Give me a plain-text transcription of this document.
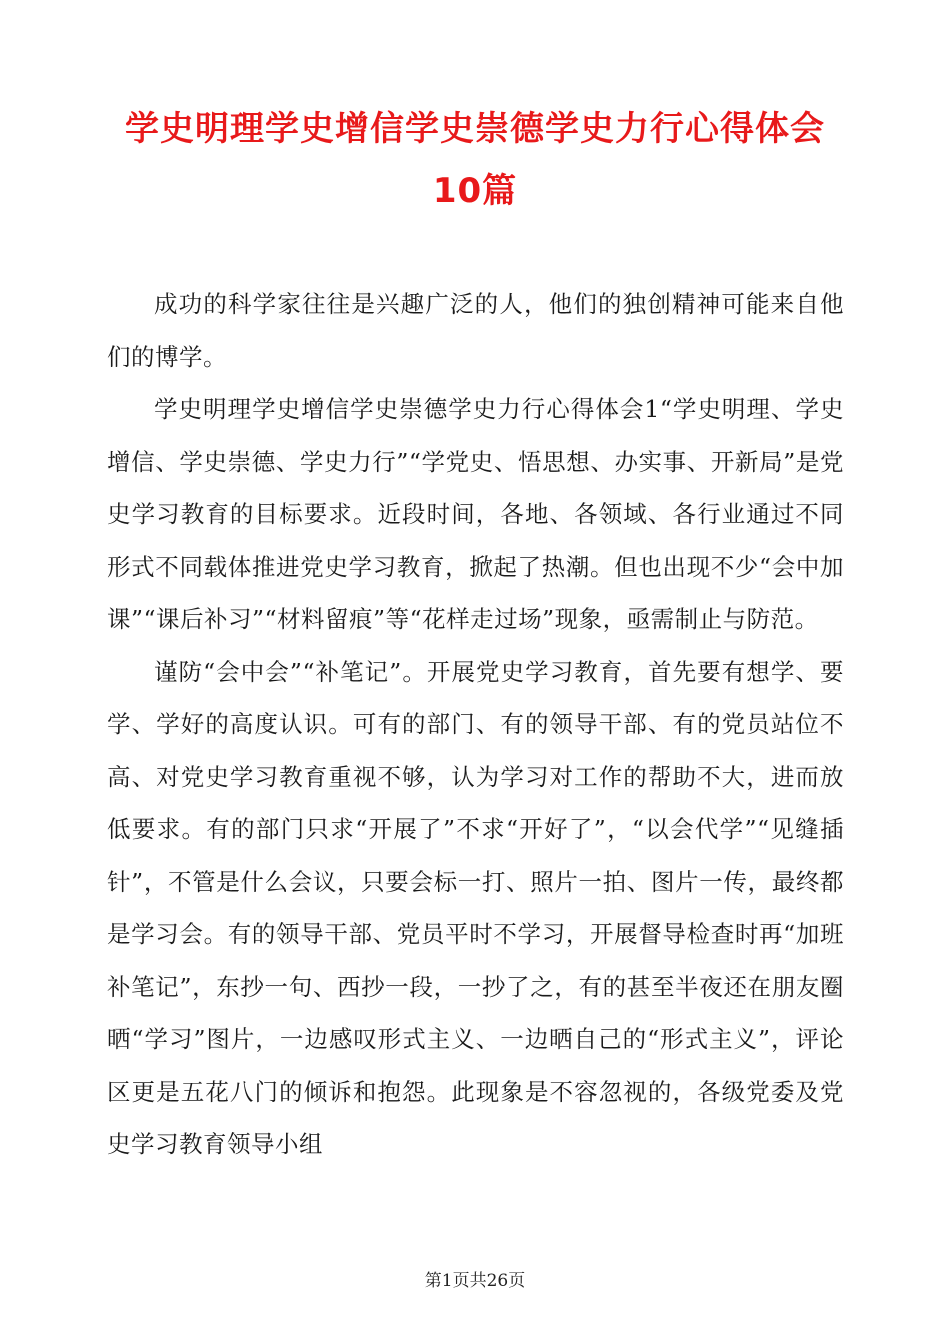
学史明理学史增信学史崇德学史力行心得体会
10篇

成功的科学家往往是兴趣广泛的人，他们的独创精神可能来自他们的博学。

学史明理学史增信学史崇德学史力行心得体会1“学史明理、学史增信、学史崇德、学史力行”“学党史、悟思想、办实事、开新局”是党史学习教育的目标要求。近段时间，各地、各领域、各行业通过不同形式不同载体推进党史学习教育，掀起了热潮。但也出现不少“会中加课”“课后补习”“材料留痕”等“花样走过场”现象，亟需制止与防范。

谨防“会中会”“补笔记”。开展党史学习教育，首先要有想学、要学、学好的高度认识。可有的部门、有的领导干部、有的党员站位不高、对党史学习教育重视不够，认为学习对工作的帮助不大，进而放低要求。有的部门只求“开展了”不求“开好了”，“以会代学”“见缝插针”，不管是什么会议，只要会标一打、照片一拍、图片一传，最终都是学习会。有的领导干部、党员平时不学习，开展督导检查时再“加班补笔记”，东抄一句、西抄一段，一抄了之，有的甚至半夜还在朋友圈晒“学习”图片，一边感叹形式主义、一边晒自己的“形式主义”，评论区更是五花八门的倾诉和抱怨。此现象是不容忽视的，各级党委及党史学习教育领导小组

第1页共26页
